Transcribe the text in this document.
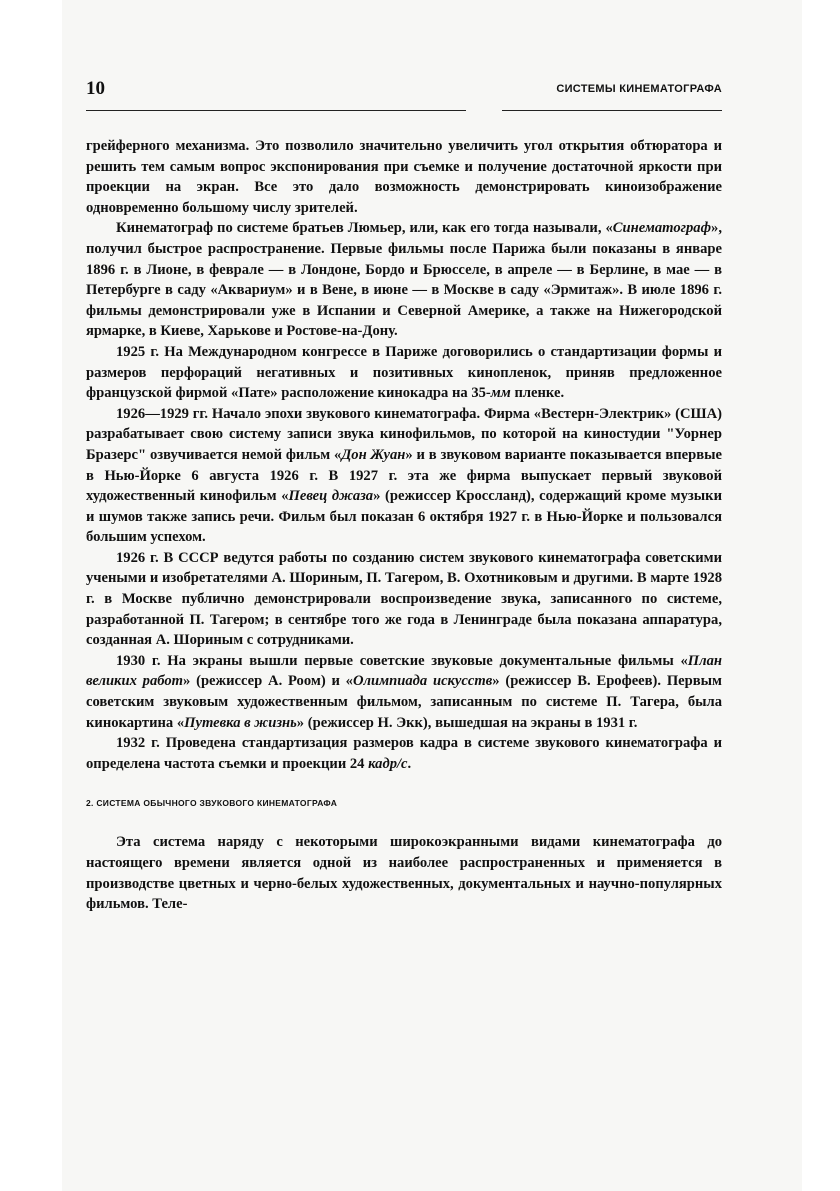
10	СИСТЕМЫ КИНЕМАТОГРАФА

грейферного механизма. Это позволило значительно увеличить угол открытия обтюратора и решить тем самым вопрос экспонирования при съемке и получение достаточной яркости при проекции на экран. Все это дало возможность демонстрировать кинoизображение одновременно большому числу зрителей.

Кинематограф по системе братьев Люмьер, или, как его тогда называли, «Синематограф», получил быстрое распространение. Первые фильмы после Парижа были показаны в январе 1896 г. в Лионе, в феврале — в Лондоне, Бордо и Брюсселе, в апреле — в Берлине, в мае — в Петербурге в саду «Аквариум» и в Вене, в июне — в Москве в саду «Эрмитаж». В июле 1896 г. фильмы демонстрировали уже в Испании и Северной Америке, а также на Нижегородской ярмарке, в Киеве, Харькове и Ростове-на-Дону.

1925 г. На Международном конгрессе в Париже договорились о стандартизации формы и размеров перфораций негативных и позитивных кинопленок, приняв предложенное французской фирмой «Пате» расположение кинокадра на 35-мм пленке.

1926—1929 гг. Начало эпохи звукового кинематографа. Фирма «Вестерн-Электрик» (США) разрабатывает свою систему записи звука кинофильмов, по которой на киностудии "Уорнер Бразерс" озвучивается немой фильм «Дон Жуан» и в звуковом варианте показывается впервые в Нью-Йорке 6 августа 1926 г. В 1927 г. эта же фирма выпускает первый звуковой художественный кинофильм «Певец джаза» (режиссер Кроссланд), содержащий кроме музыки и шумов также запись речи. Фильм был показан 6 октября 1927 г. в Нью-Йорке и пользовался большим успехом.

1926 г. В СССР ведутся работы по созданию систем звукового кинематографа советскими учеными и изобретателями А. Шориным, П. Тагером, В. Охотниковым и другими. В марте 1928 г. в Москве публично демонстрировали воспроизведение звука, записанного по системе, разработанной П. Тагером; в сентябре того же года в Ленинграде была показана аппаратура, созданная А. Шориным с сотрудниками.

1930 г. На экраны вышли первые советские звуковые документальные фильмы «План великих работ» (режиссер А. Роом) и «Олимпиада искусств» (режиссер В. Ерофеев). Первым советским звуковым художественным фильмом, записанным по системе П. Тагера, была кинокартина «Путевка в жизнь» (режиссер Н. Экк), вышедшая на экраны в 1931 г.

1932 г. Проведена стандартизация размеров кадра в системе звукового кинематографа и определена частота съемки и проекции 24 кадр/с.

2. СИСТЕМА ОБЫЧНОГО ЗВУКОВОГО КИНЕМАТОГРАФА

Эта система наряду с некоторыми широкоэкранными видами кинематографа до настоящего времени является одной из наиболее распространенных и применяется в производстве цветных и черно-белых художественных, документальных и научно-популярных фильмов. Теле-
